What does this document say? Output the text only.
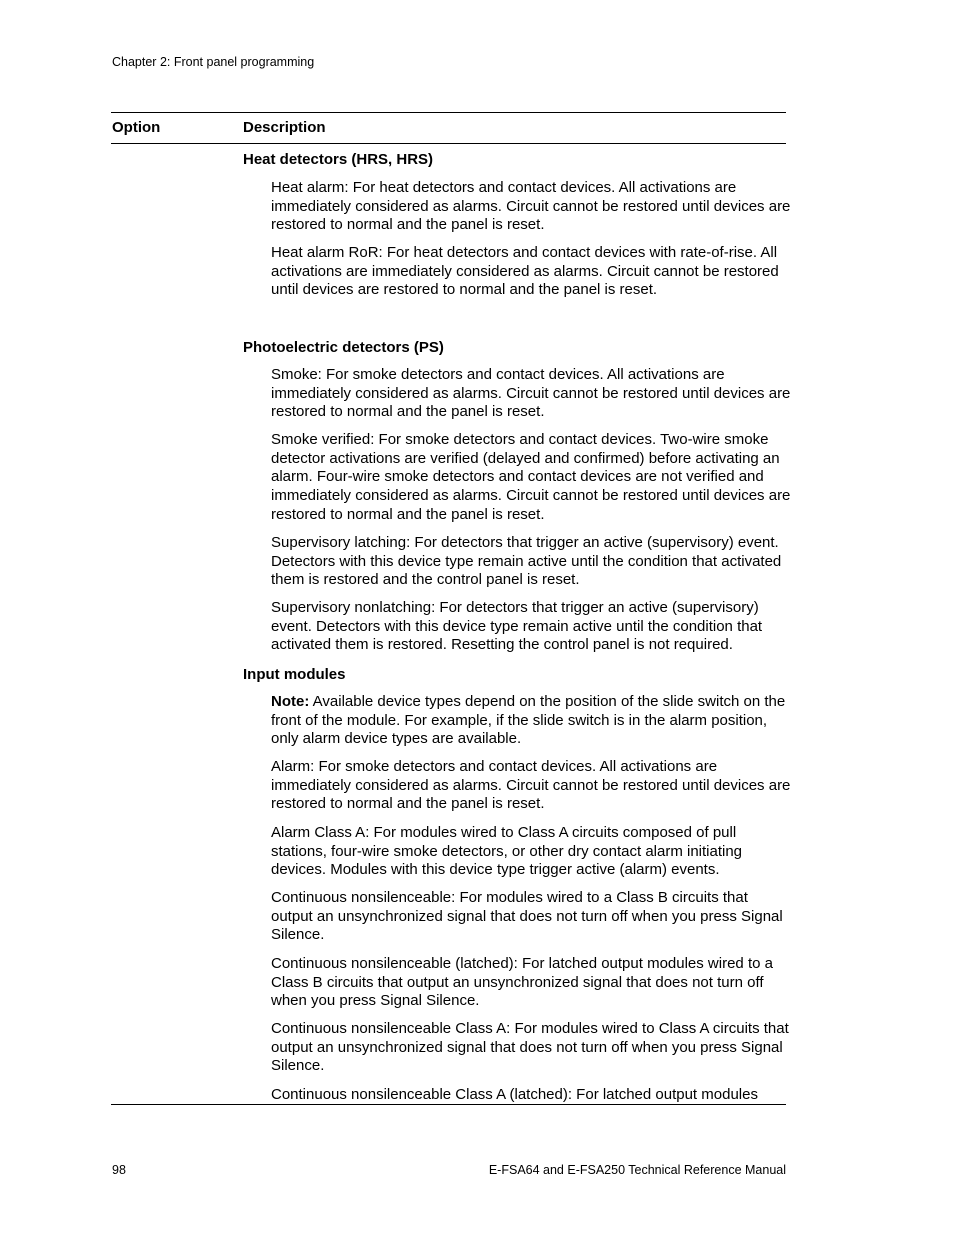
Chapter 2: Front panel programming
Option	Description
Heat detectors (HRS, HRS)
Heat alarm: For heat detectors and contact devices. All activations are immediately considered as alarms. Circuit cannot be restored until devices are restored to normal and the panel is reset.
Heat alarm RoR: For heat detectors and contact devices with rate-of-rise. All activations are immediately considered as alarms. Circuit cannot be restored until devices are restored to normal and the panel is reset.
Photoelectric detectors (PS)
Smoke: For smoke detectors and contact devices. All activations are immediately considered as alarms. Circuit cannot be restored until devices are restored to normal and the panel is reset.
Smoke verified: For smoke detectors and contact devices. Two-wire smoke detector activations are verified (delayed and confirmed) before activating an alarm. Four-wire smoke detectors and contact devices are not verified and immediately considered as alarms. Circuit cannot be restored until devices are restored to normal and the panel is reset.
Supervisory latching: For detectors that trigger an active (supervisory) event. Detectors with this device type remain active until the condition that activated them is restored and the control panel is reset.
Supervisory nonlatching: For detectors that trigger an active (supervisory) event. Detectors with this device type remain active until the condition that activated them is restored. Resetting the control panel is not required.
Input modules
Note: Available device types depend on the position of the slide switch on the front of the module. For example, if the slide switch is in the alarm position, only alarm device types are available.
Alarm: For smoke detectors and contact devices. All activations are immediately considered as alarms. Circuit cannot be restored until devices are restored to normal and the panel is reset.
Alarm Class A: For modules wired to Class A circuits composed of pull stations, four-wire smoke detectors, or other dry contact alarm initiating devices. Modules with this device type trigger active (alarm) events.
Continuous nonsilenceable: For modules wired to a Class B circuits that output an unsynchronized signal that does not turn off when you press Signal Silence.
Continuous nonsilenceable (latched): For latched output modules wired to a Class B circuits that output an unsynchronized signal that does not turn off when you press Signal Silence.
Continuous nonsilenceable Class A: For modules wired to Class A circuits that output an unsynchronized signal that does not turn off when you press Signal Silence.
Continuous nonsilenceable Class A (latched): For latched output modules
98	E-FSA64 and E-FSA250 Technical Reference Manual
